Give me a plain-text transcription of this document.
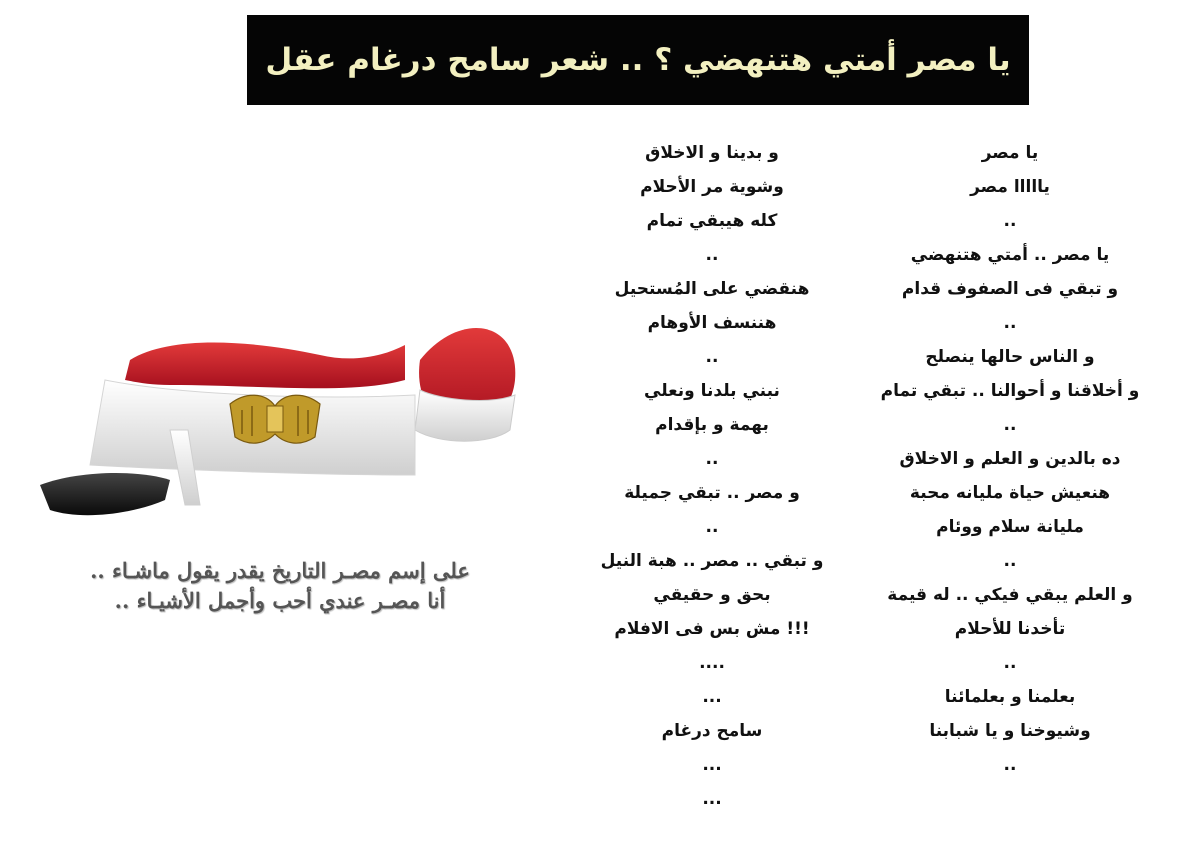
يا مصر أمتي هتنهضي ؟ .. شعر سامح درغام عقل
على إسم مصـر التاريخ يقدر يقول ماشـاء ..
أنا مصـر عندي أحب وأجمل الأشيـاء ..
يا مصر
يااااا مصر
..
يا مصر .. أمتي هتنهضي
و تبقي فى الصفوف قدام
..
و الناس حالها ينصلح
و أخلاقنا و أحوالنا .. تبقي تمام
..
ده بالدين و العلم و الاخلاق
هنعيش حياة مليانه محبة
مليانة سلام ووئام
..
و العلم يبقي فيكي .. له قيمة
تأخدنا للأحلام
..
بعلمنا و بعلمائنا
وشيوخنا و يا شبابنا
..
و بدينا و الاخلاق
وشوية مر الأحلام
كله هيبقي تمام
..
هنقضي على المُستحيل
هننسف الأوهام
..
نبني بلدنا ونعلي
بهمة و بإقدام
..
و مصر .. تبقي جميلة
..
و تبقي .. مصر .. هبة النيل
بحق و حقيقي
!!! مش بس فى الافلام
....
...
سامح درغام
...
...
